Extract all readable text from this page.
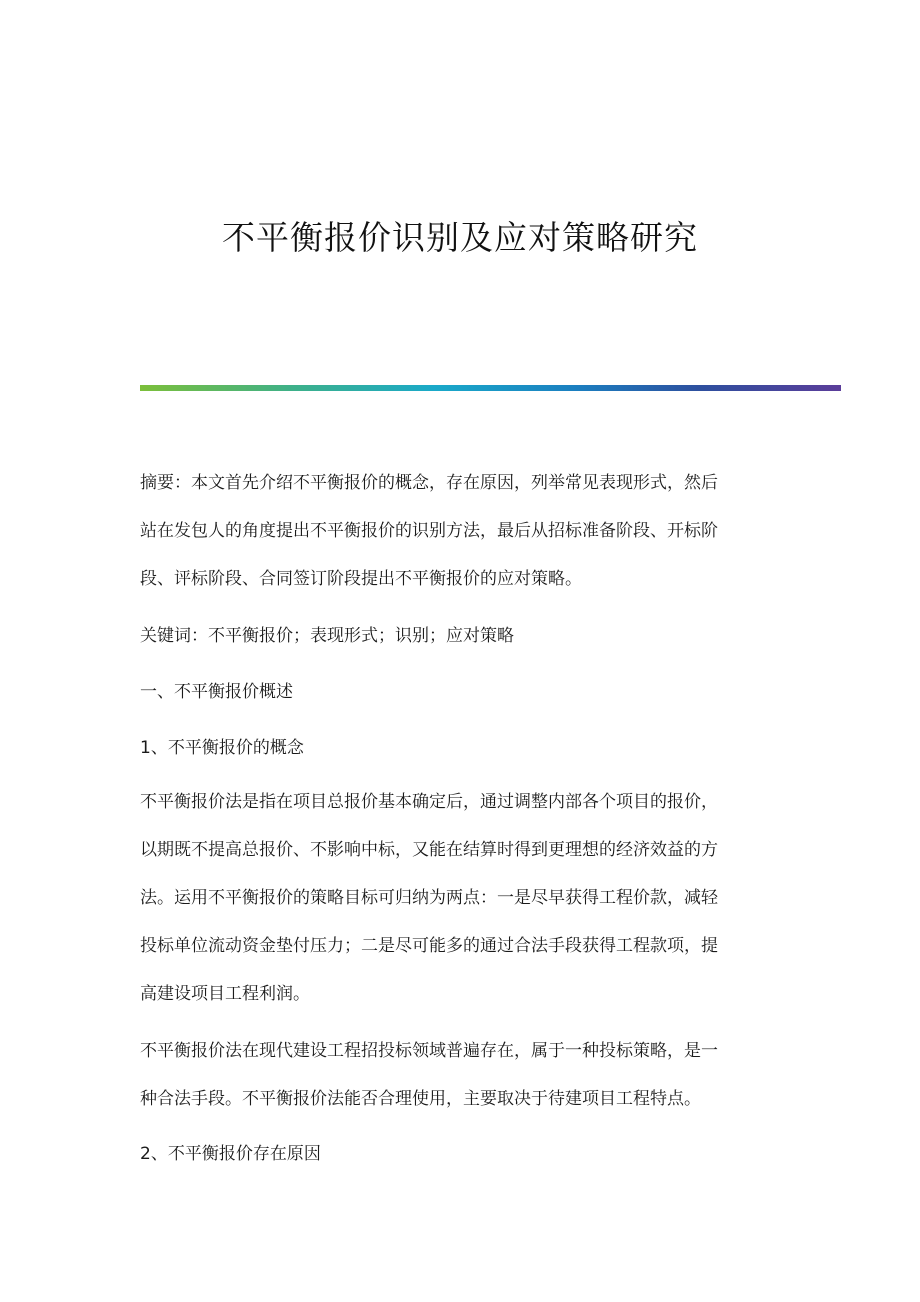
不平衡报价识别及应对策略研究
摘要：本文首先介绍不平衡报价的概念，存在原因，列举常见表现形式，然后
站在发包人的角度提出不平衡报价的识别方法，最后从招标准备阶段、开标阶
段、评标阶段、合同签订阶段提出不平衡报价的应对策略。

关键词：不平衡报价；表现形式；识别；应对策略

一、不平衡报价概述

1、不平衡报价的概念

不平衡报价法是指在项目总报价基本确定后，通过调整内部各个项目的报价，
以期既不提高总报价、不影响中标，又能在结算时得到更理想的经济效益的方
法。运用不平衡报价的策略目标可归纳为两点：一是尽早获得工程价款，减轻
投标单位流动资金垫付压力；二是尽可能多的通过合法手段获得工程款项，提
高建设项目工程利润。
不平衡报价法在现代建设工程招投标领域普遍存在，属于一种投标策略，是一
种合法手段。不平衡报价法能否合理使用，主要取决于待建项目工程特点。

2、不平衡报价存在原因
